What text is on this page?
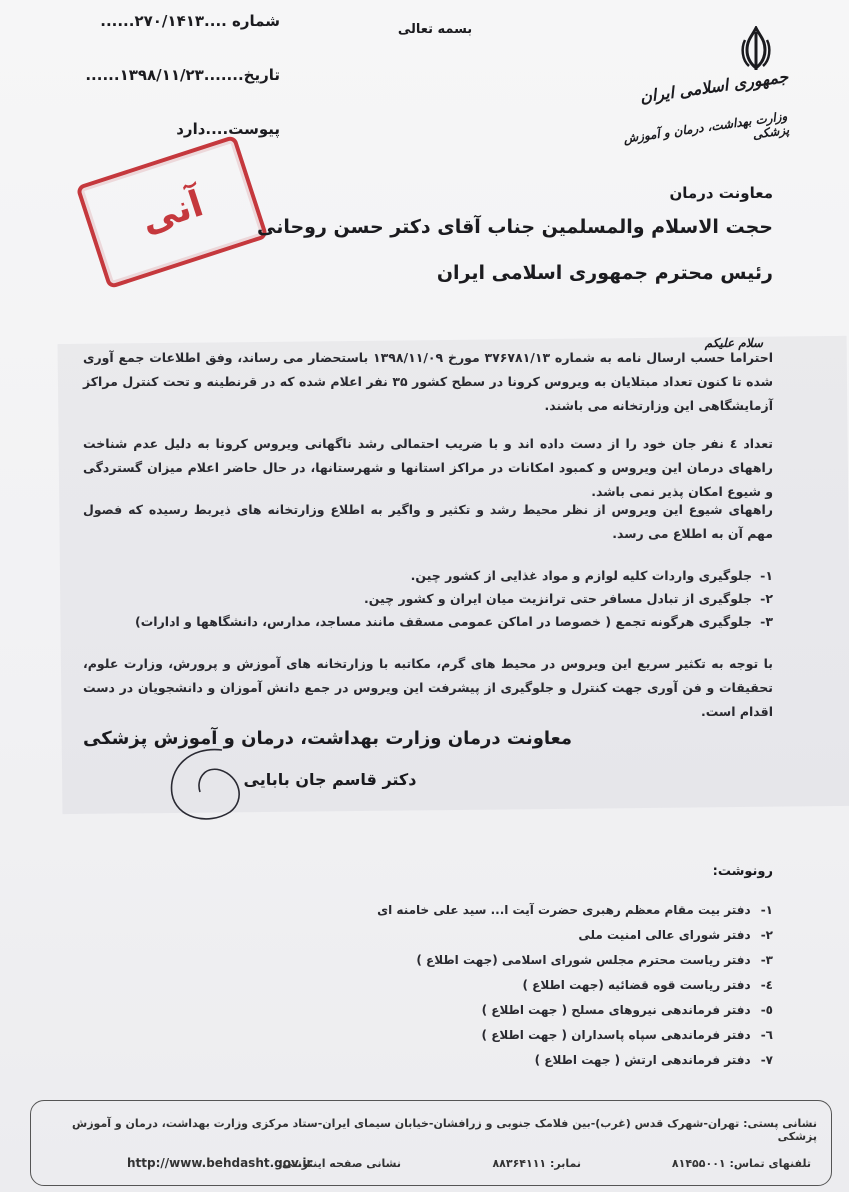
بسمه تعالی
شماره ....۲۷۰/۱۴۱۳......
تاریخ.......۱۳۹۸/۱۱/۲۳......
پیوست....دارد
جمهوری اسلامی ایران
وزارت بهداشت، درمان و آموزش پزشکی
معاونت درمان
آنی	حجت الاسلام والمسلمین جناب آقای دکتر حسن روحانی
رئیس محترم جمهوری اسلامی ایران
سلام علیکم
احتراما حسب ارسال نامه به شماره ۳۷۶۷۸۱/۱۳ مورخ ۱۳۹۸/۱۱/۰۹ باستحضار می رساند، وفق اطلاعات جمع آوری شده تا کنون تعداد مبتلایان به ویروس کرونا در سطح کشور ۳۵ نفر اعلام شده که در قرنطینه و تحت کنترل مراکز آزمایشگاهی این وزارتخانه می باشند.
تعداد ٤ نفر جان خود را از دست داده اند و با ضریب احتمالی رشد ناگهانی ویروس کرونا به دلیل عدم شناخت راههای درمان این ویروس و کمبود امکانات در مراکز استانها و شهرستانها، در حال حاضر اعلام میزان گستردگی و شیوع امکان پذیر نمی باشد.
راههای شیوع این ویروس از نظر محیط رشد و تکثیر و واگیر به اطلاع وزارتخانه های ذیربط رسیده که فصول مهم آن به اطلاع می رسد.
۱-
جلوگیری واردات کلیه لوازم و مواد غذایی از کشور چین.
۲-
جلوگیری از تبادل مسافر حتی ترانزیت میان ایران و کشور چین.
۳-
جلوگیری هرگونه تجمع ( خصوصا در اماکن عمومی مسقف مانند مساجد، مدارس، دانشگاهها و ادارات)
با توجه به تکثیر سریع این ویروس در محیط های گرم، مکاتبه با وزارتخانه های آموزش و پرورش، وزارت علوم، تحقیقات و فن آوری جهت کنترل و جلوگیری از پیشرفت این ویروس در جمع دانش آموزان و دانشجویان در دست اقدام است.
معاونت درمان وزارت بهداشت، درمان و آموزش پزشکی
دکتر قاسم جان بابایی
رونوشت:
۱-
دفتر بیت مقام معظم رهبری حضرت آیت ا... سید علی خامنه ای
۲-
دفتر شورای عالی امنیت ملی
۳-
دفتر ریاست محترم مجلس شورای اسلامی (جهت اطلاع )
٤-
دفتر ریاست قوه قضائیه (جهت اطلاع )
٥-
دفتر فرماندهی نیروهای مسلح ( جهت اطلاع )
٦-
دفتر فرماندهی سپاه پاسداران ( جهت اطلاع )
٧-
دفتر فرماندهی ارتش ( جهت اطلاع )
نشانی پستی: تهران-شهرک قدس (غرب)-بین فلامک جنوبی و زرافشان-خیابان سیمای ایران-ستاد مرکزی وزارت بهداشت، درمان و آموزش پزشکی
تلفنهای تماس: ۸۱۴۵۵۰۰۱
نمابر: ۸۸۳۶۴۱۱۱
نشانی صفحه اینترنتی:
http://www.behdasht.gov.ir
